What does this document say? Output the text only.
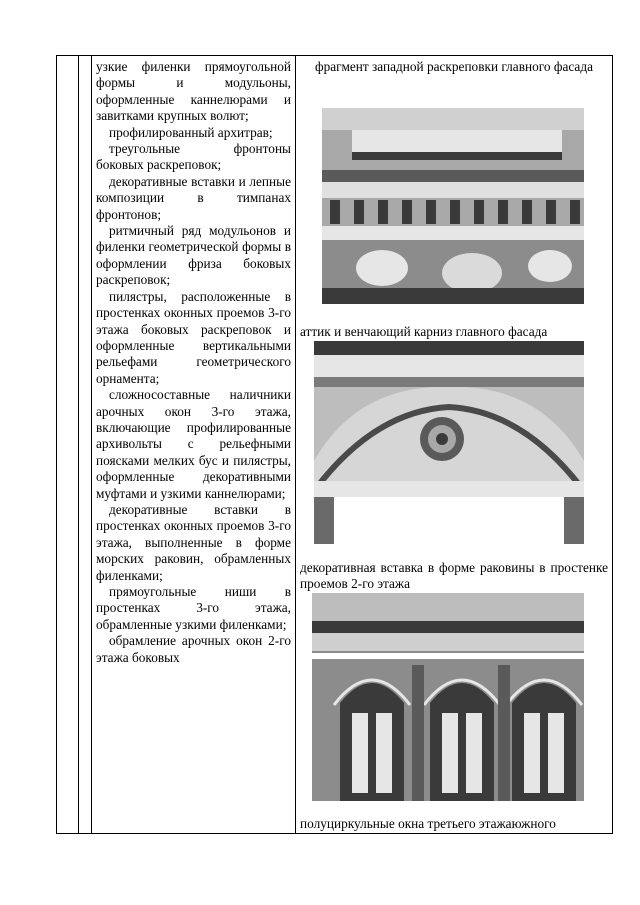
узкие филенки прямоугольной формы и модульоны, оформленные каннелюрами и завитками крупных волют;

профилированный архитрав;

треугольные фронтоны боковых раскреповок;

декоративные вставки и лепные композиции в тимпанах фронтонов;

ритмичный ряд модульонов и филенки геометрической формы в оформлении фриза боковых раскреповок;

пилястры, расположенные в простенках оконных проемов 3-го этажа боковых раскреповок и оформленные вертикальными рельефами геометрического орнамента;

сложносоставные наличники арочных окон 3-го этажа, включающие профилированные архивольты с рельефными поясками мелких бус и пилястры, оформленные декоративными муфтами и узкими каннелюрами;

декоративные вставки в простенках оконных проемов 3-го этажа, выполненные в форме морских раковин, обрамленных филенками;

прямоугольные ниши в простенках 3-го этажа, обрамленные узкими филенками;

обрамление арочных окон 2-го этажа боковых

фрагмент западной раскреповки главного фасада
аттик и венчающий карниз главного фасада
декоративная вставка в форме раковины в простенке проемов 2-го этажа
полуциркульные окна третьего этажаюжного
